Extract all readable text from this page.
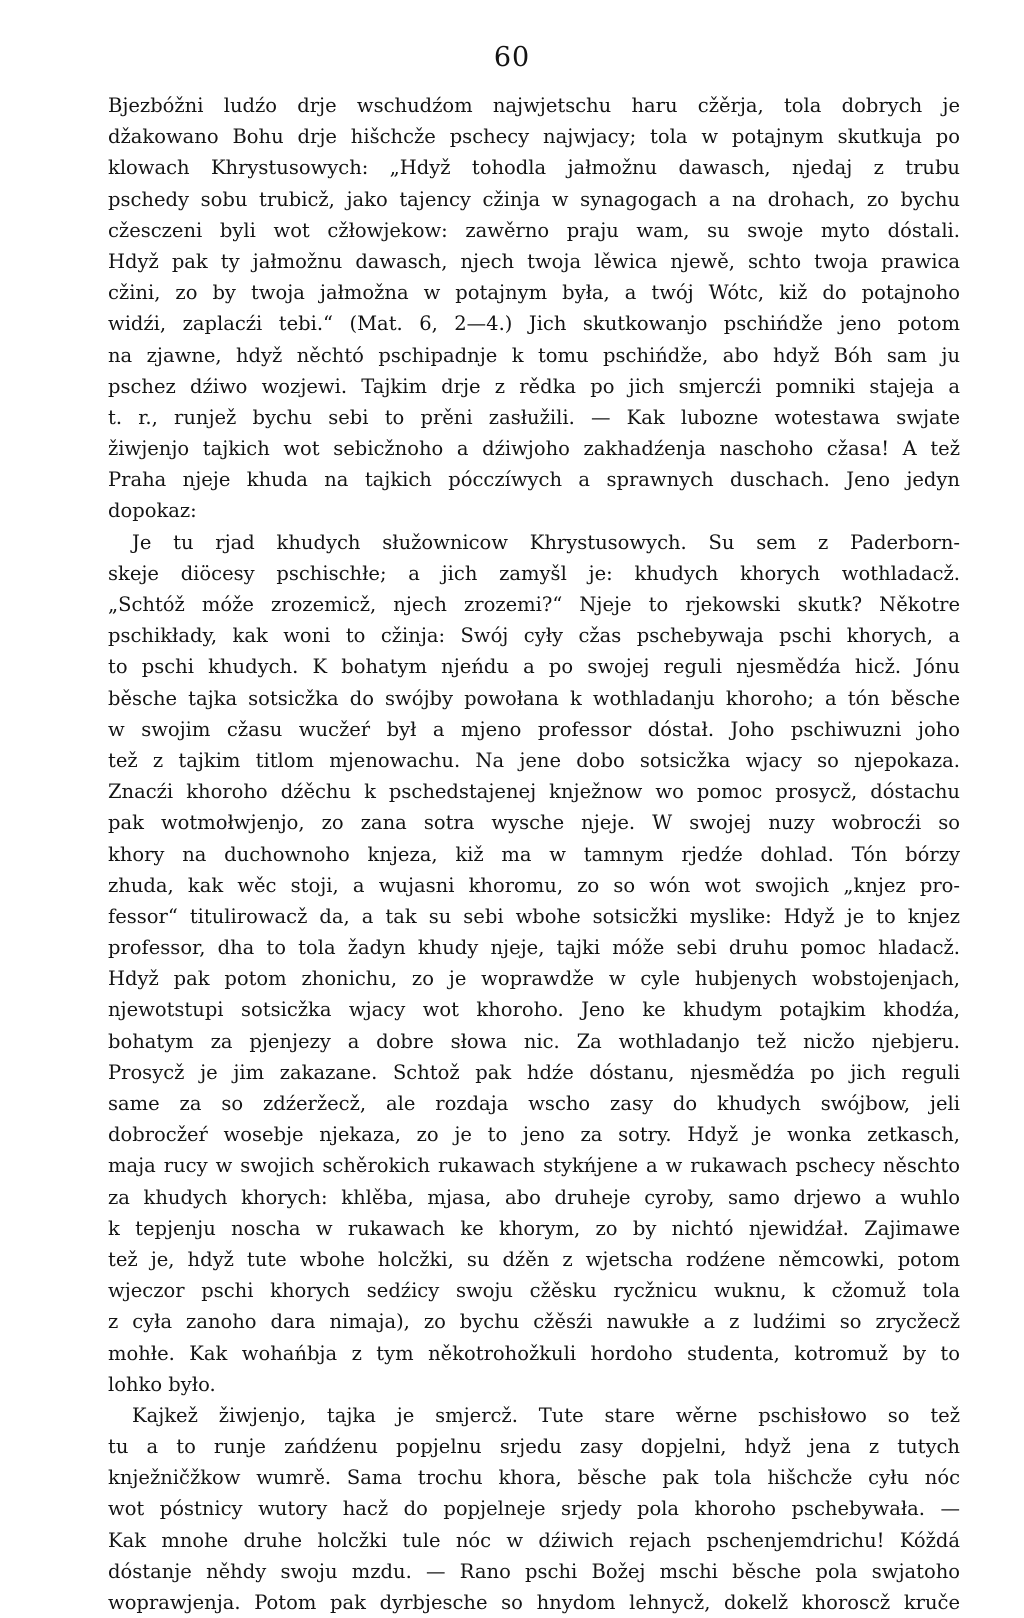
60
Bjezbóžni ludźo drje wschudźom najwjetschu haru cžěrja, tola dobrych je
džakowano Bohu drje hišchcže pschecy najwjacy; tola w potajnym skutkuja po
klowach Khrystusowych: „Hdyž tohodla jałmožnu dawasch, njedaj z trubu
pschedy sobu trubicž, jako tajency cžinja w synagogach a na drohach, zo bychu
cžesczeni byli wot cžłowjekow: zawěrno praju wam, su swoje myto dóstali.
Hdyž pak ty jałmožnu dawasch, njech twoja lěwica njewě, schto twoja prawica
cžini, zo by twoja jałmožna w potajnym była, a twój Wótc, kiž do potajnoho
widźi, zaplacźi tebi.“ (Mat. 6, 2—4.) Jich skutkowanjo pschińdže jeno potom
na zjawne, hdyž něchtó pschipadnje k tomu pschińdže, abo hdyž Bóh sam ju
pschez dźiwo wozjewi. Tajkim drje z rědka po jich smjercźi pomniki stajeja a
t. r., runjež bychu sebi to prěni zasłužili. — Kak lubozne wotestawa swjate
žiwjenjo tajkich wot sebicžnoho a dźiwjoho zakhadźenja naschoho cžasa! A tež
Praha njeje khuda na tajkich pócczíwych a sprawnych duschach. Jeno jedyn
dopokaz:
Je tu rjad khudych słužownicow Khrystusowych. Su sem z Paderborn-
skeje diöcesy pschischłe; a jich zamyšl je: khudych khorych wothladacž.
„Schtóž móže zrozemicž, njech zrozemi?“ Njeje to rjekowski skutk? Někotre
pschikłady, kak woni to cžinja: Swój cyły cžas pschebywaja pschi khorych, a
to pschi khudych. K bohatym njeńdu a po swojej reguli njesmědźa hicž. Jónu
běsche tajka sotsicžka do swójby powołana k wothladanju khoroho; a tón běsche
w swojim cžasu wucžeŕ był a mjeno professor dóstał. Joho pschiwuzni joho
tež z tajkim titlom mjenowachu. Na jene dobo sotsicžka wjacy so njepokaza.
Znacźi khoroho dźěchu k pschedstajenej knježnow wo pomoc prosycž, dóstachu
pak wotmołwjenjo, zo zana sotra wysche njeje. W swojej nuzy wobrocźi so
khory na duchownoho knjeza, kiž ma w tamnym rjedźe dohlad. Tón bórzy
zhuda, kak wěc stoji, a wujasni khoromu, zo so wón wot swojich „knjez pro-
fessor“ titulirowacž da, a tak su sebi wbohe sotsicžki myslike: Hdyž je to knjez
professor, dha to tola žadyn khudy njeje, tajki móže sebi druhu pomoc hladacž.
Hdyž pak potom zhonichu, zo je woprawdže w cyle hubjenych wobstojenjach,
njewotstupi sotsicžka wjacy wot khoroho. Jeno ke khudym potajkim khodźa,
bohatym za pjenjezy a dobre słowa nic. Za wothladanjo tež nicžo njebjeru.
Prosycž je jim zakazane. Schtož pak hdźe dóstanu, njesmědźa po jich reguli
same za so zdźeržecž, ale rozdaja wscho zasy do khudych swójbow, jeli
dobrocžeŕ wosebje njekaza, zo je to jeno za sotry. Hdyž je wonka zetkasch,
maja rucy w swojich schěrokich rukawach stykńjene a w rukawach pschecy něschto
za khudych khorych: khlěba, mjasa, abo druheje cyroby, samo drjewo a wuhlo
k tepjenju noscha w rukawach ke khorym, zo by nichtó njewidźał. Zajimawe
tež je, hdyž tute wbohe holcžki, su dźěn z wjetscha rodźene němcowki, potom
wjeczor pschi khorych sedźicy swoju cžěsku rycžnicu wuknu, k cžomuž tola
z cyła zanoho dara nimaja), zo bychu cžěsźi nawukłe a z ludźimi so zrycžecž
mohłe. Kak wohańbja z tym někotrohožkuli hordoho studenta, kotromuž by to
lohko było.
Kajkež žiwjenjo, tajka je smjercž. Tute stare wěrne pschisłowo so tež
tu a to runje zańdźenu popjelnu srjedu zasy dopjelni, hdyž jena z tutych
knježničžkow wumrě. Sama trochu khora, běsche pak tola hišchcže cyłu nóc
wot póstnicy wutory hacž do popjelneje srjedy pola khoroho pschebywała. —
Kak mnohe druhe holcžki tule nóc w dźiwich rejach pschenjemdrichu! Kóždá
dóstanje něhdy swoju mzdu. — Rano pschi Božej mschi běsche pola swjatoho
woprawjenja. Potom pak dyrbjesche so hnydom lehnycž, dokelž khoroscž kruče
